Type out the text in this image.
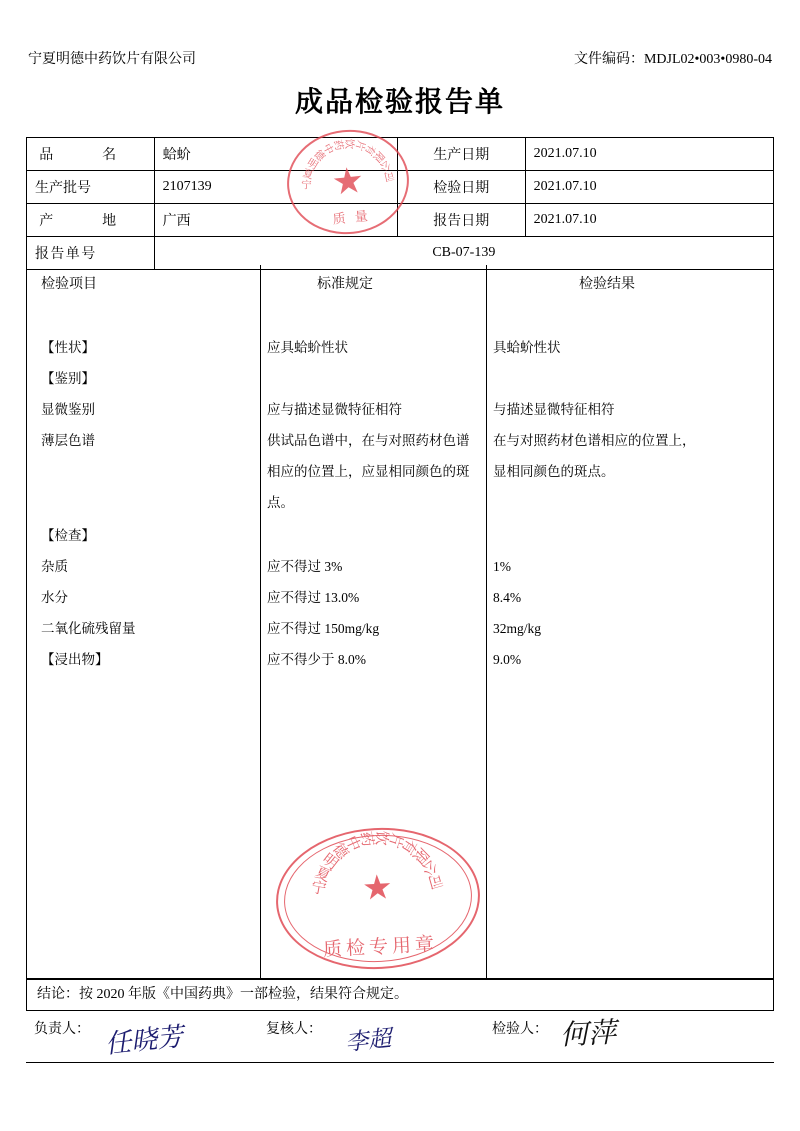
宁夏明德中药饮片有限公司	文件编码：MDJL02•003•0980-04
成品检验报告单
品　　名	蛤蚧	生产日期	2021.07.10
生产批号	2107139	检验日期	2021.07.10
产　　地	广西	报告日期	2021.07.10
报告单号	CB-07-139		
检验项目	标准规定	检验结果
【性状】	应具蛤蚧性状	具蛤蚧性状
【鉴别】
显微鉴别	应与描述显微特征相符	与描述显微特征相符
薄层色谱	供试品色谱中，在与对照药材色谱	在与对照药材色谱相应的位置上，
相应的位置上，应显相同颜色的斑	显相同颜色的斑点。
点。
【检查】
杂质	应不得过 3%	1%
水分	应不得过 13.0%	8.4%
二氧化硫残留量	应不得过 150mg/kg	32mg/kg
【浸出物】	应不得少于 8.0%	9.0%
结论：按 2020 年版《中国药典》一部检验，结果符合规定。
负责人：	复核人：	检验人：
任晓芳	李超	何萍
宁
夏
明
德
中
药
饮
片
有
限
公
司
★
质 量
宁
夏
明
德
中
药
饮
片
有
限
公
司
★
质检专用章
